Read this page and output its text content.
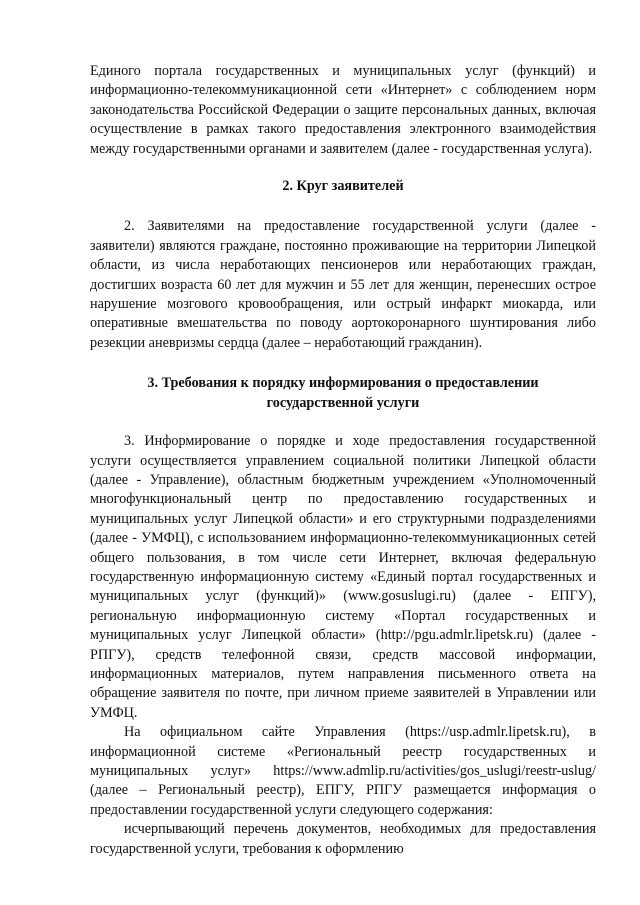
Единого портала государственных и муниципальных услуг (функций) и информационно-телекоммуникационной сети «Интернет» с соблюдением норм законодательства Российской Федерации о защите персональных данных, включая осуществление в рамках такого предоставления электронного взаимодействия между государственными органами и заявителем (далее - государственная услуга).

2. Круг заявителей

2. Заявителями на предоставление государственной услуги (далее - заявители) являются граждане, постоянно проживающие на территории Липецкой области, из числа неработающих пенсионеров или неработающих граждан, достигших возраста 60 лет для мужчин и 55 лет для женщин, перенесших острое нарушение мозгового кровообращения, или острый инфаркт миокарда, или оперативные вмешательства по поводу аортокоронарного шунтирования либо резекции аневризмы сердца (далее – неработающий гражданин).

3. Требования к порядку информирования о предоставлении
государственной услуги

3. Информирование о порядке и ходе предоставления государственной услуги осуществляется управлением социальной политики Липецкой области (далее - Управление), областным бюджетным учреждением «Уполномоченный многофункциональный центр по предоставлению государственных и муниципальных услуг Липецкой области» и его структурными подразделениями (далее - УМФЦ), с использованием информационно-телекоммуникационных сетей общего пользования, в том числе сети Интернет, включая федеральную государственную информационную систему «Единый портал государственных и муниципальных услуг (функций)» (www.gosuslugi.ru) (далее - ЕПГУ), региональную информационную систему «Портал государственных и муниципальных услуг Липецкой области» (http://pgu.admlr.lipetsk.ru) (далее - РПГУ), средств телефонной связи, средств массовой информации, информационных материалов, путем направления письменного ответа на обращение заявителя по почте, при личном приеме заявителей в Управлении или УМФЦ.

На официальном сайте Управления (https://usp.admlr.lipetsk.ru), в информационной системе «Региональный реестр государственных и муниципальных услуг» https://www.admlip.ru/activities/gos_uslugi/reestr-uslug/ (далее – Региональный реестр), ЕПГУ, РПГУ размещается информация о предоставлении государственной услуги следующего содержания:

исчерпывающий перечень документов, необходимых для предоставления государственной услуги, требования к оформлению
